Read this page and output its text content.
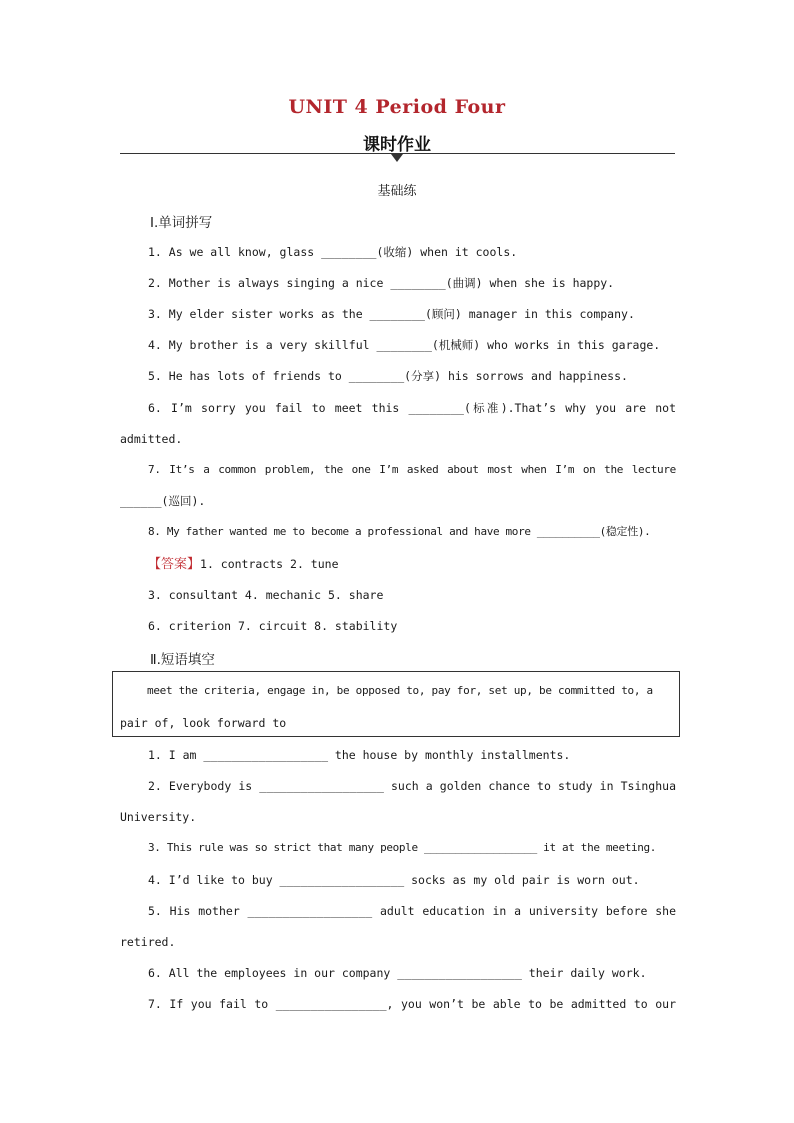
UNIT 4 Period Four
课时作业
基础练
Ⅰ.单词拼写
1. As we all know, glass ________(收缩) when it cools.
2. Mother is always singing a nice ________(曲调) when she is happy.
3. My elder sister works as the ________(顾问) manager in this company.
4. My brother is a very skillful ________(机械师) who works in this garage.
5. He has lots of friends to ________(分享) his sorrows and happiness.
6. I’m sorry you fail to meet this ________(标准).That’s why you are not
admitted.
7. It’s a common problem, the one I’m asked about most when I’m on the lecture
______(巡回).
8. My father wanted me to become a professional and have more __________(稳定性).
【答案】1. contracts 2. tune
3. consultant 4. mechanic 5. share
6. criterion 7. circuit 8. stability
Ⅱ.短语填空
meet the criteria, engage in, be opposed to, pay for, set up, be committed to, a
pair of, look forward to
1. I am __________________ the house by monthly installments.
2. Everybody is __________________ such a golden chance to study in Tsinghua
University.
3. This rule was so strict that many people __________________ it at the meeting.
4. I’d like to buy __________________ socks as my old pair is worn out.
5. His mother __________________ adult education in a university before she
retired.
6. All the employees in our company __________________ their daily work.
7. If you fail to ________________, you won’t be able to be admitted to our
